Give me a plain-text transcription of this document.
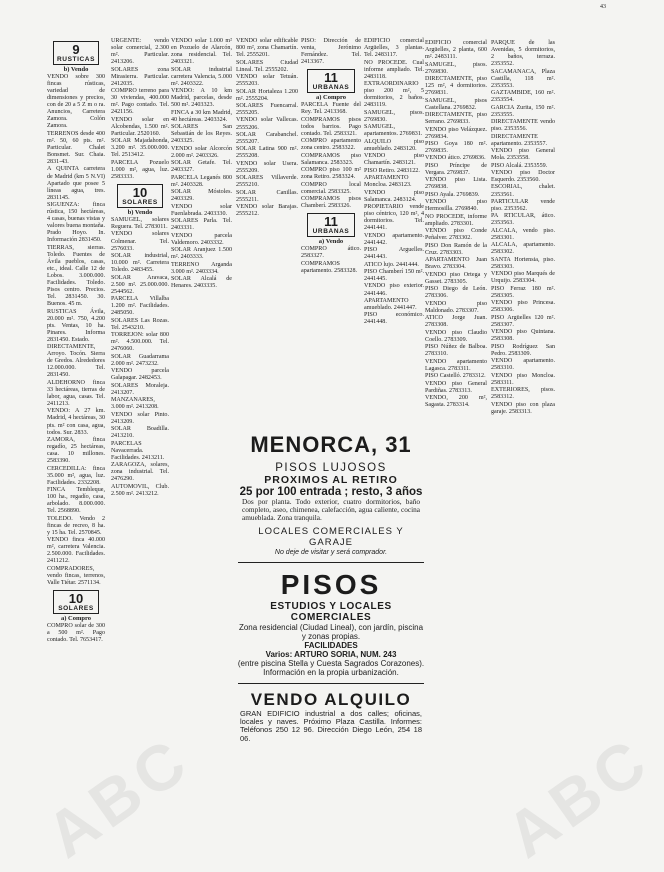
ABC	ABC
9
RUSTICAS
b) Vendo

VENDO sobre 300 fincas rústicas, variedad de dimensiones y precios, con de 20 a 5 Z m o ra. Anuncios, Carretera Zamora. Colón Zamora.

TERRENOS desde 400 m². 50, 60 pts. m². Particular. Chalet Bonsmet. Sur. Chaia. 2831-43.

A QUINTA carretera de Madrid (km 5 N.VI) Apartado que posee 5 líneas agua, tres. 2831145.

SIGUENZA: finca rústica, 150 hectáreas, 4 casas, buenas vistas y valores buena montaña. Prado Hoyo. In. Información 2831450.

TIERRAS, sierras. Toledo. Fuentes de Ávila pueblos, casas, etc., ideal. Calle 12 de Lobos. 3.000.000. Facilidades. Toledo. Pisos centro. Precios. Tel. 2831450. 30. Buenos. 45 m.

RUSTICAS Ávila, 20.000 m². 750, 4.200 pts. Ventas, 10 ha. Pinares. Informa 2831450. Estado.

DIRECTAMENTE, Arroyo. Tocón. Sierra de Gredos. Alrededores 12.000.000. Tel. 2831450.

ALDEHORNO finca 33 hectáreas, tierras de labor, agua, casas. Tel. 2411213.

VENDO: A 27 km. Madrid, 4 hectáreas, 30 pts. m² con casa, agua, todos. Sur. 2833.

ZAMORA, finca regadío, 25 hectáreas, casa. 10 millones. 2583390.

CERCEDILLA: finca 35.000 m², agua, luz. Facilidades. 2332208.

FINCA Tembleque, 100 ha., regadío, casa, arbolado. 8.000.000. Tel. 2568890.

TOLEDO. Vendo 2 fincas de recreo, 8 ha. y 15 ha. Tel. 2570845.

VENDO finca 40.000 m², carretera Valencia. 2.500.000. Facilidades. 2411212.

COMPRADORES, vendo fincas, terrenos, Valle Tiétar. 2571134.

10
SOLARES
a) Compro

COMPRO solar de 300 a 500 m². Pago contado. Tel. 7653417.

URGENTE: vendo solar comercial, 2.300 m². Particular. 2413206.

SOLARES zona Mirasierra. Particular. 2412035.

COMPRO terreno para 30 viviendas, 400.000 m². Pago contado. Tel. 2421156.

VENDO solar en Alcobendas, 1.500 m². Particular. 2520160.

SOLAR Majadahonda, 3.200 m². 35.000.000. Tel. 2513412.

PARCELA Pozuelo 1.000 m², agua, luz. 2583333.

10
SOLARES
b) Vendo

SAMUGEL, solares Reguera. Tel. 2783011.

VENDO solares Colmenar. Tel. 2576033.

SOLAR industrial, 10.000 m². Carretera Toledo. 2483455.

SOLAR Aravaca, 2.500 m². 25.000.000. 2544562.

PARCELA Villalba 1.200 m². Facilidades. 2485050.

SOLARES Las Rozas. Tel. 2543210.

TORREJON: solar 800 m². 4.500.000. Tel. 2476060.

SOLAR Guadarrama 2.000 m². 2473232.

VENDO parcela Galapagar. 2482453.

SOLARES Moraleja. 2413207.

MANZANARES, 3.000 m². 2413208.

VENDO solar Pinto. 2413209.

SOLAR Boadilla. 2413210.

PARCELAS Navacerrada. Facilidades. 2413211.

ZARAGOZA, solares, zona industrial. Tel. 2476290.

AUTOMOVIL, Club. 2.500 m². 2413212.

VENDO solar 1.000 m² en Pozuelo de Alarcón, zona residencial. Tel. 2403321.

SOLAR industrial carretera Valencia, 5.000 m². 2403322.

VENDO: A 10 km Madrid, parcelas, desde 500 m². 2403323.

FINCA a 30 km Madrid, 40 hectáreas. 2403324.

SOLARES San Sebastián de los Reyes. 2403325.

VENDO solar Alcorcón 2.000 m². 2403326.

SOLAR Getafe. Tel. 2403327.

PARCELA Leganés 800 m². 2403328.

SOLAR Móstoles. 2403329.

VENDO solar Fuenlabrada. 2403330.

SOLARES Parla. Tel. 2403331.

VENDO parcela Valdemoro. 2403332.

SOLAR Aranjuez 1.500 m². 2403333.

TERRENO Arganda 3.000 m². 2403334.

SOLAR Alcalá de Henares. 2403335.

VENDO solar edificable 800 m², zona Chamartín. Tel. 2555201.

SOLARES Ciudad Lineal. Tel. 2555202.

VENDO solar Tetuán. 2555203.

SOLAR Hortaleza 1.200 m². 2555204.

SOLARES Fuencarral. 2555205.

VENDO solar Vallecas. 2555206.

SOLAR Carabanchel. 2555207.

SOLAR Latina 900 m². 2555208.

VENDO solar Usera. 2555209.

SOLARES Villaverde. 2555210.

SOLAR Canillas. 2555211.

VENDO solar Barajas. 2555212.

PISO: Dirección de venta, Jerónimo Fernández. Tel. 2413367.

11
URBANAS
a) Compro

PARCELA Fuente del Rey. Tel. 2413368.

COMPRAMOS pisos todos barrios. Pago contado. Tel. 2583321.

COMPRO apartamento zona centro. 2583322.

COMPRAMOS piso Salamanca. 2583323.

COMPRO piso 100 m² zona Retiro. 2583324.

COMPRO local comercial. 2583325.

COMPRAMOS pisos Chamberí. 2583326.

11
URBANAS
a) Vendo

COMPRO ático. 2583327.

COMPRAMOS apartamento. 2583328.

EDIFICIO comercial Argüelles, 3 plantas. Tel. 2483117.

NO PROCEDE. Cual informe ampliado. Tel. 2483118.

EXTRAORDINARIO piso 200 m², 5 dormitorios, 2 baños. 2483119.

SAMUGEL, pisos. 2769830.

SAMUGEL, apartamentos. 2769831.

ALQUILO piso amueblado. 2483120.

VENDO piso Chamartín. 2483121.

PISO Retiro. 2483122.

APARTAMENTO Moncloa. 2483123.

VENDO piso Salamanca. 2483124.

PROPIETARIO vende piso céntrico, 120 m², 4 dormitorios. Tel. 2441441.

VENDO apartamento. 2441442.

PISO Arguelles. 2441443.

ATICO lujo. 2441444.

PISO Chamberí 150 m². 2441445.

VENDO piso exterior. 2441446.

APARTAMENTO amueblado. 2441447.

PISO económico. 2441448.

EDIFICIO comercial Argüelles, 2 planta, 600 m². 2483111.

SAMUGEL, pisos. 2769830.

DIRECTAMENTE, piso 125 m², 4 dormitorios. 2769831.

SAMUGEL, pisos Castellana. 2769832.

DIRECTAMENTE, piso Serrano. 2769833.

VENDO piso Velázquez. 2769834.

PISO Goya 180 m². 2769835.

VENDO ático. 2769836.

PISO Príncipe de Vergara. 2769837.

VENDO piso Lista. 2769838.

PISO Ayala. 2769839.

VENDO piso Hermosilla. 2769840.

NO PROCEDE, informe ampliado. 2783301.

VENDO piso Conde Peñalver. 2783302.

PISO Don Ramón de la Cruz. 2783303.

APARTAMENTO Juan Bravo. 2783304.

VENDO piso Ortega y Gasset. 2783305.

PISO Diego de León. 2783306.

VENDO piso Maldonado. 2783307.

ATICO Jorge Juan. 2783308.

VENDO piso Claudio Coello. 2783309.

PISO Núñez de Balboa. 2783310.

VENDO apartamento Lagasca. 2783311.

PISO Castelló. 2783312.

VENDO piso General Pardiñas. 2783313.

VENDO, 200 m², Sagasta. 2783314.

PARQUE de las Avenidas, 5 dormitorios, 2 baños, terraza. 2353552.

SACAMANACA, Plaza Castilla, 118 m². 2353553.

GAZTAMBIDE, 160 m². 2353554.

GARCIA Zurita, 150 m². 2353555.

DIRECTAMENTE vendo piso. 2353556.

DIRECTAMENTE apartamento. 2353557.

VENDO piso General Mola. 2353558.

PISO Alcalá. 2353559.

VENDO piso Doctor Esquerdo. 2353560.

ESCORIAL, chalet. 2353561.

PARTICULAR vende piso. 2353562.

PA RTICULAR, ático. 2353563.

ALCALA, vendo piso. 2583301.

ALCALA, apartamento. 2583302.

SANTA Hortensia, piso. 2583303.

VENDO piso Marqués de Urquijo. 2583304.

PISO Ferraz 180 m². 2583305.

VENDO piso Princesa. 2583306.

PISO Argüelles 120 m². 2583307.

VENDO piso Quintana. 2583308.

PISO Rodríguez San Pedro. 2583309.

VENDO apartamento. 2583310.

VENDO piso Moncloa. 2583311.

EXTERIORES, pisos. 2583312.

VENDO piso con plaza garaje. 2583313.

MENORCA, 31
PISOS LUJOSOS
PROXIMOS AL RETIRO
25 por 100 entrada ; resto, 3 años
Dos por planta. Todo exterior, cuatro dormitorios, baño completo, aseo, chimenea, calefacción, agua caliente, cocina amueblada. Zona tranquila.
LOCALES COMERCIALES Y GARAJE
No deje de visitar y será comprador.
PISOS
ESTUDIOS Y LOCALES COMERCIALES
Zona residencial (Ciudad Lineal), con jardín, piscina y zonas propias.
FACILIDADES
Varios: ARTURO SORIA, NUM. 243
(entre piscina Stella y Cuesta Sagrados Corazones).
Información en la propia urbanización.
VENDO ALQUILO
GRAN EDIFICIO industrial a dos calles; oficinas, locales y naves. Próximo Plaza Castilla. Informes: Teléfonos 250 12 96. Dirección Diego León, 254 18 06.
43
